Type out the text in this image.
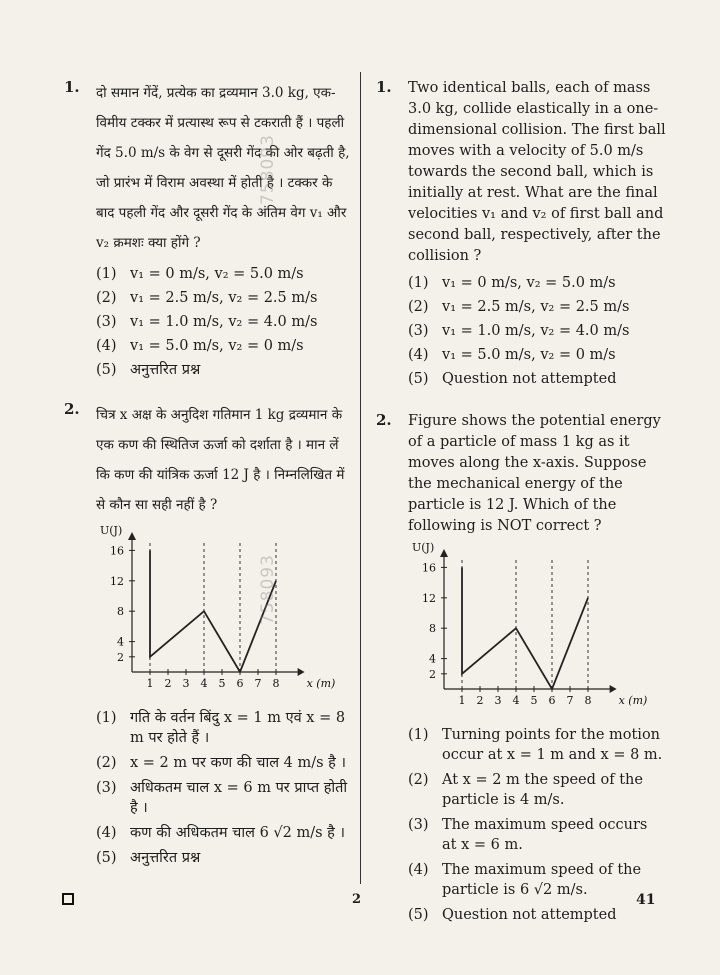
1. दो समान गेंदें, प्रत्येक का द्रव्यमान 3.0 kg, एक-विमीय टक्कर में प्रत्यास्थ रूप से टकराती हैं । पहली गेंद 5.0 m/s के वेग से दूसरी गेंद की ओर बढ़ती है, जो प्रारंभ में विराम अवस्था में होती है । टक्कर के बाद पहली गेंद और दूसरी गेंद के अंतिम वेग v₁ और v₂ क्रमशः क्या होंगे ?
(1) v₁ = 0 m/s, v₂ = 5.0 m/s
(2) v₁ = 2.5 m/s, v₂ = 2.5 m/s
(3) v₁ = 1.0 m/s, v₂ = 4.0 m/s
(4) v₁ = 5.0 m/s, v₂ = 0 m/s
(5) अनुत्तरित प्रश्न
2. चित्र x अक्ष के अनुदिश गतिमान 1 kg द्रव्यमान के एक कण की स्थितिज ऊर्जा को दर्शाता है । मान लें कि कण की यांत्रिक ऊर्जा 12 J है । निम्नलिखित में से कौन सा सही नहीं है ?
1 2 3 4 5 6 7 8
2
4
8
12
16
U(J)
x (m)
(1) गति के वर्तन बिंदु x = 1 m एवं x = 8 m पर होते हैं ।
(2) x = 2 m पर कण की चाल 4 m/s है ।
(3) अधिकतम चाल x = 6 m पर प्राप्त होती है ।
(4) कण की अधिकतम चाल 6 √2 m/s है ।
(5) अनुत्तरित प्रश्न
1. Two identical balls, each of mass 3.0 kg, collide elastically in a one-dimensional collision. The first ball moves with a velocity of 5.0 m/s towards the second ball, which is initially at rest. What are the final velocities v₁ and v₂ of first ball and second ball, respectively, after the collision ?
(1) v₁ = 0 m/s, v₂ = 5.0 m/s
(2) v₁ = 2.5 m/s, v₂ = 2.5 m/s
(3) v₁ = 1.0 m/s, v₂ = 4.0 m/s
(4) v₁ = 5.0 m/s, v₂ = 0 m/s
(5) Question not attempted
2. Figure shows the potential energy of a particle of mass 1 kg as it moves along the x-axis. Suppose the mechanical energy of the particle is 12 J. Which of the following is NOT correct ?
1 2 3 4 5 6 7 8
2
4
8
12
16
U(J)
x (m)
(1) Turning points for the motion occur at x = 1 m and x = 8 m.
(2) At x = 2 m the speed of the particle is 4 m/s.
(3) The maximum speed occurs at x = 6 m.
(4) The maximum speed of the particle is 6 √2 m/s.
(5) Question not attempted
758093
758093
2	41
